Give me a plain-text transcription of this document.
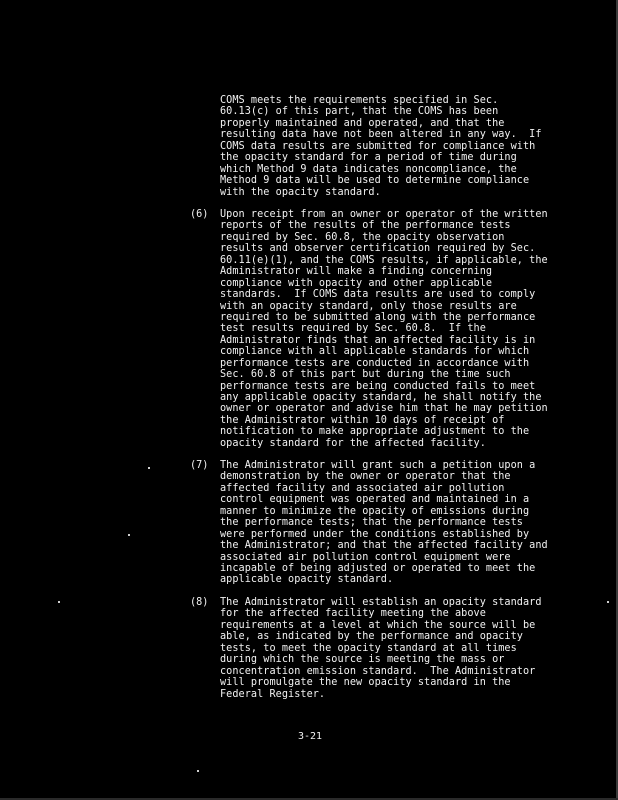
COMS meets the requirements specified in Sec.
60.13(c) of this part, that the COMS has been
properly maintained and operated, and that the
resulting data have not been altered in any way.  If
COMS data results are submitted for compliance with
the opacity standard for a period of time during
which Method 9 data indicates noncompliance, the
Method 9 data will be used to determine compliance
with the opacity standard.
(6) Upon receipt from an owner or operator of the written
reports of the results of the performance tests
required by Sec. 60.8, the opacity observation
results and observer certification required by Sec.
60.11(e)(1), and the COMS results, if applicable, the
Administrator will make a finding concerning
compliance with opacity and other applicable
standards.  If COMS data results are used to comply
with an opacity standard, only those results are
required to be submitted along with the performance
test results required by Sec. 60.8.  If the
Administrator finds that an affected facility is in
compliance with all applicable standards for which
performance tests are conducted in accordance with
Sec. 60.8 of this part but during the time such
performance tests are being conducted fails to meet
any applicable opacity standard, he shall notify the
owner or operator and advise him that he may petition
the Administrator within 10 days of receipt of
notification to make appropriate adjustment to the
opacity standard for the affected facility.
(7) The Administrator will grant such a petition upon a
demonstration by the owner or operator that the
affected facility and associated air pollution
control equipment was operated and maintained in a
manner to minimize the opacity of emissions during
the performance tests; that the performance tests
were performed under the conditions established by
the Administrator; and that the affected facility and
associated air pollution control equipment were
incapable of being adjusted or operated to meet the
applicable opacity standard.
(8) The Administrator will establish an opacity standard
for the affected facility meeting the above
requirements at a level at which the source will be
able, as indicated by the performance and opacity
tests, to meet the opacity standard at all times
during which the source is meeting the mass or
concentration emission standard.  The Administrator
will promulgate the new opacity standard in the
Federal Register.
3-21
